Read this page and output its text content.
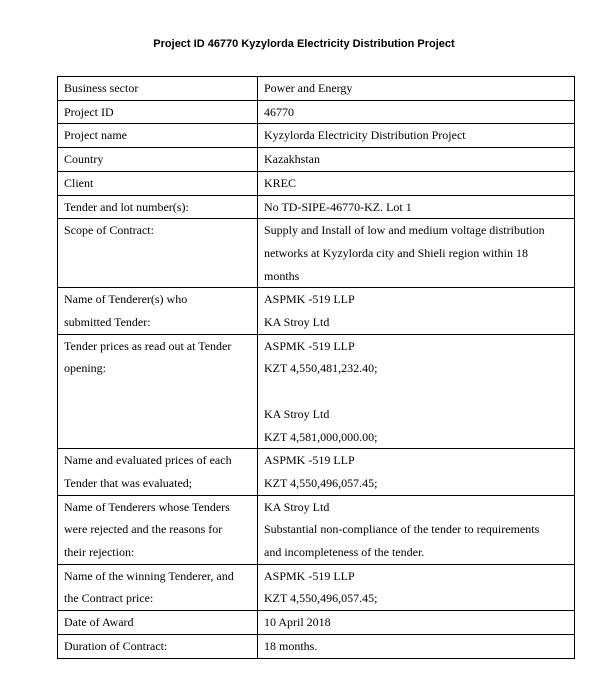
Project ID 46770 Kyzylorda Electricity Distribution Project
Business sector	Power and Energy

Project ID	46770

Project name	Kyzylorda Electricity Distribution Project

Country	Kazakhstan

Client	KREC

Tender and lot number(s):	No TD-SIPE-46770-KZ. Lot 1

Scope of Contract:	Supply and Install of low and medium voltage distribution
networks at Kyzylorda city and Shieli region within 18
months

Name of Tenderer(s) who
submitted Tender:	ASPMK -519 LLP
KA Stroy Ltd

Tender prices as read out at Tender
opening:	ASPMK -519 LLP
KZT 4,550,481,232.40;
KA Stroy Ltd
KZT 4,581,000,000.00;

Name and evaluated prices of each
Tender that was evaluated;	ASPMK -519 LLP
KZT 4,550,496,057.45;

Name of Tenderers whose Tenders
were rejected and the reasons for
their rejection:	KA Stroy Ltd
Substantial non-compliance of the tender to requirements
and incompleteness of the tender.

Name of the winning Tenderer, and
the Contract price:	ASPMK -519 LLP
KZT 4,550,496,057.45;

Date of Award	10 April 2018

Duration of Contract:	18 months.
